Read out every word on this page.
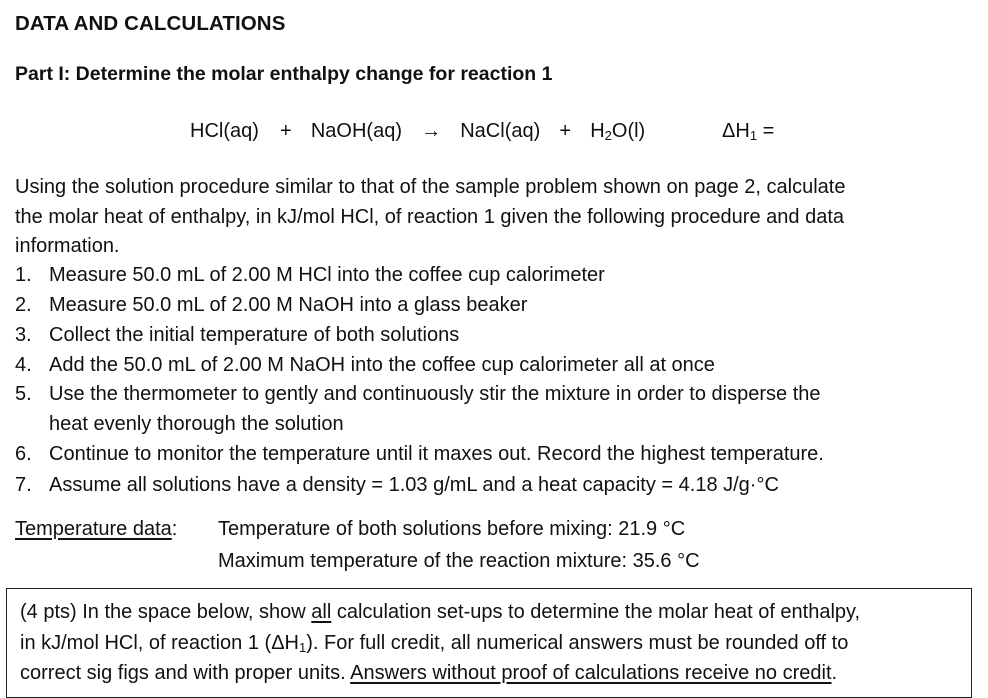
DATA AND CALCULATIONS
Part I: Determine the molar enthalpy change for reaction 1
HCl(aq) + NaOH(aq) → NaCl(aq) + $H_2O(l)$	$\Delta H_1$ =
Using the solution procedure similar to that of the sample problem shown on page 2, calculate
the molar heat of enthalpy, in kJ/mol HCl, of reaction 1 given the following procedure and data
information.
1. Measure 50.0 mL of 2.00 M HCl into the coffee cup calorimeter
2. Measure 50.0 mL of 2.00 M NaOH into a glass beaker
3. Collect the initial temperature of both solutions
4. Add the 50.0 mL of 2.00 M NaOH into the coffee cup calorimeter all at once
5. Use the thermometer to gently and continuously stir the mixture in order to disperse the
heat evenly thorough the solution
6. Continue to monitor the temperature until it maxes out. Record the highest temperature.
7. Assume all solutions have a density = 1.03 g/mL and a heat capacity = 4.18 J/g·°C
Temperature data: Temperature of both solutions before mixing: 21.9 °C
Maximum temperature of the reaction mixture: 35.6 °C
(4 pts) In the space below, show all calculation set-ups to determine the molar heat of enthalpy,
in kJ/mol HCl, of reaction 1 $(\Delta H_1)$. For full credit, all numerical answers must be rounded off to
correct sig figs and with proper units. Answers without proof of calculations receive no credit.
